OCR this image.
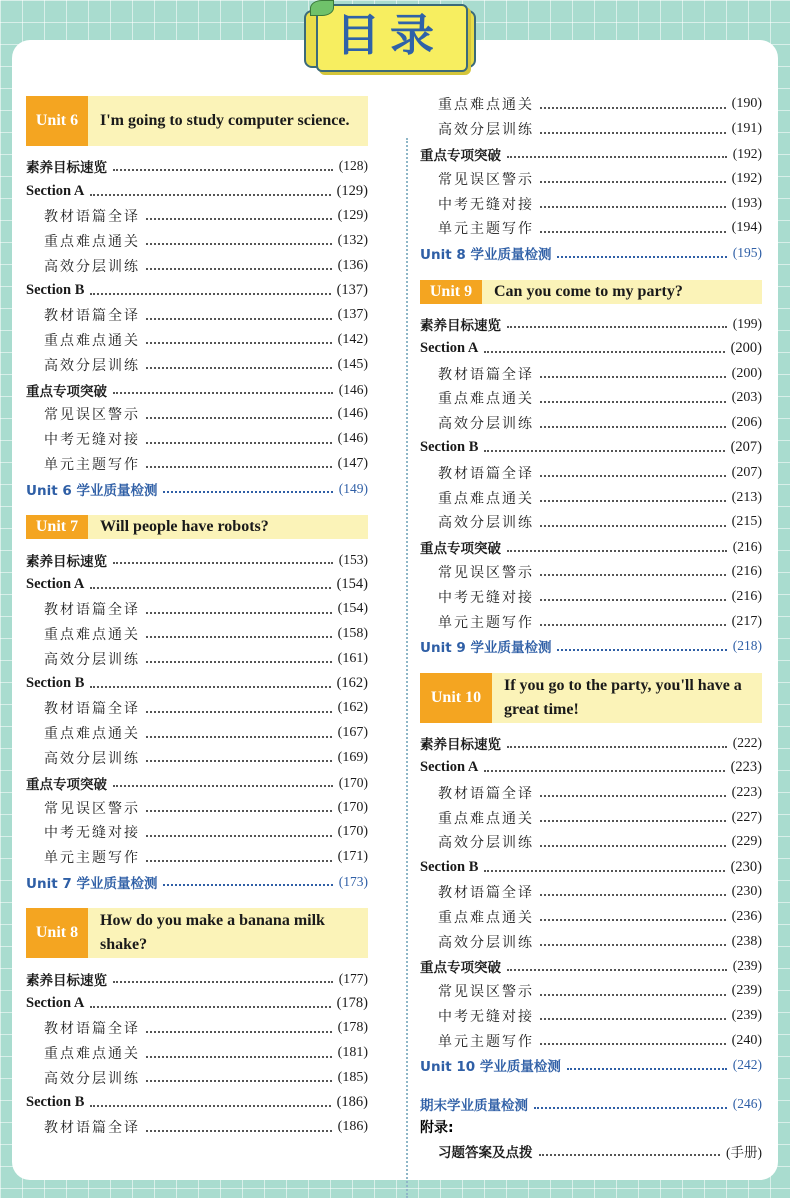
目录
Unit 6	I'm going to study computer science.
素养目标速览	(128)
Section A	(129)
教材语篇全译	(129)
重点难点通关	(132)
高效分层训练	(136)
Section B	(137)
教材语篇全译	(137)
重点难点通关	(142)
高效分层训练	(145)
重点专项突破	(146)
常见误区警示	(146)
中考无缝对接	(146)
单元主题写作	(147)
Unit 6 学业质量检测	(149)
Unit 7	Will people have robots?
素养目标速览	(153)
Section A	(154)
教材语篇全译	(154)
重点难点通关	(158)
高效分层训练	(161)
Section B	(162)
教材语篇全译	(162)
重点难点通关	(167)
高效分层训练	(169)
重点专项突破	(170)
常见误区警示	(170)
中考无缝对接	(170)
单元主题写作	(171)
Unit 7 学业质量检测	(173)
Unit 8
How do you make a banana milk shake?
素养目标速览	(177)
Section A	(178)
教材语篇全译	(178)
重点难点通关	(181)
高效分层训练	(185)
Section B	(186)
教材语篇全译	(186)
重点难点通关	(190)
高效分层训练	(191)
重点专项突破	(192)
常见误区警示	(192)
中考无缝对接	(193)
单元主题写作	(194)
Unit 8 学业质量检测	(195)
Unit 9	Can you come to my party?
素养目标速览	(199)
Section A	(200)
教材语篇全译	(200)
重点难点通关	(203)
高效分层训练	(206)
Section B	(207)
教材语篇全译	(207)
重点难点通关	(213)
高效分层训练	(215)
重点专项突破	(216)
常见误区警示	(216)
中考无缝对接	(216)
单元主题写作	(217)
Unit 9 学业质量检测	(218)
Unit 10
If you go to the party, you'll have a great time!
素养目标速览	(222)
Section A	(223)
教材语篇全译	(223)
重点难点通关	(227)
高效分层训练	(229)
Section B	(230)
教材语篇全译	(230)
重点难点通关	(236)
高效分层训练	(238)
重点专项突破	(239)
常见误区警示	(239)
中考无缝对接	(239)
单元主题写作	(240)
Unit 10 学业质量检测	(242)
期末学业质量检测	(246)
附录:
习题答案及点拨	(手册)
